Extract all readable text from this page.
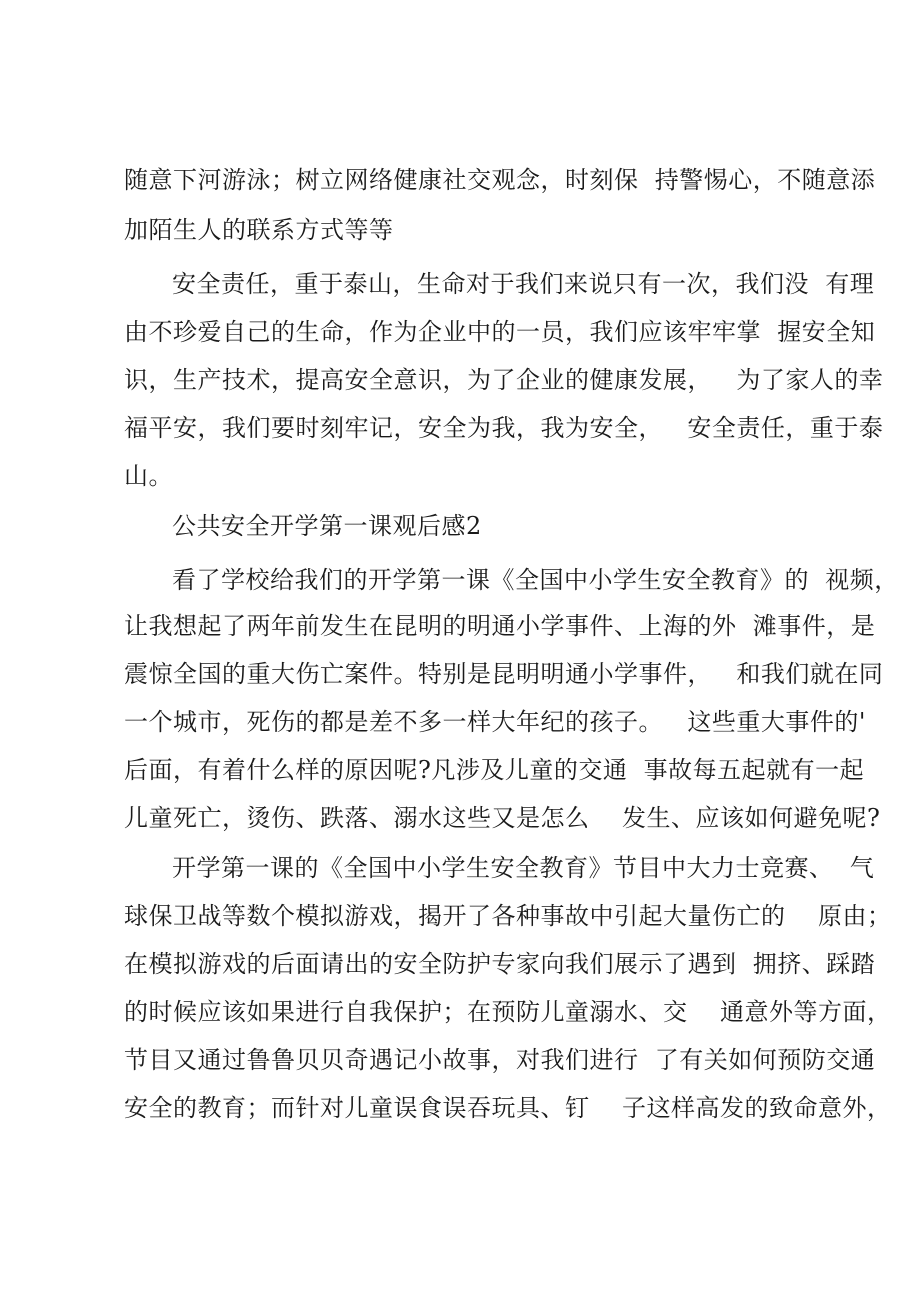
随意下河游泳；树立网络健康社交观念，时刻保  持警惕心，不随意添
加陌生人的联系方式等等
安全责任，重于泰山，生命对于我们来说只有一次，我们没  有理
由不珍爱自己的生命，作为企业中的一员，我们应该牢牢掌  握安全知
识，生产技术，提高安全意识，为了企业的健康发展，   为了家人的幸
福平安，我们要时刻牢记，安全为我，我为安全，   安全责任，重于泰
山。
公共安全开学第一课观后感2
看了学校给我们的开学第一课《全国中小学生安全教育》的  视频，
让我想起了两年前发生在昆明的明通小学事件、上海的外  滩事件，是
震惊全国的重大伤亡案件。特别是昆明明通小学事件，   和我们就在同
一个城市，死伤的都是差不多一样大年纪的孩子。   这些重大事件的'
后面，有着什么样的原因呢?凡涉及儿童的交通  事故每五起就有一起
儿童死亡，烫伤、跌落、溺水这些又是怎么    发生、应该如何避免呢?
开学第一课的《全国中小学生安全教育》节目中大力士竞赛、  气
球保卫战等数个模拟游戏，揭开了各种事故中引起大量伤亡的    原由；
在模拟游戏的后面请出的安全防护专家向我们展示了遇到  拥挤、踩踏
的时候应该如果进行自我保护；在预防儿童溺水、交    通意外等方面，
节目又通过鲁鲁贝贝奇遇记小故事，对我们进行  了有关如何预防交通
安全的教育；而针对儿童误食误吞玩具、钉    子这样高发的致命意外，
